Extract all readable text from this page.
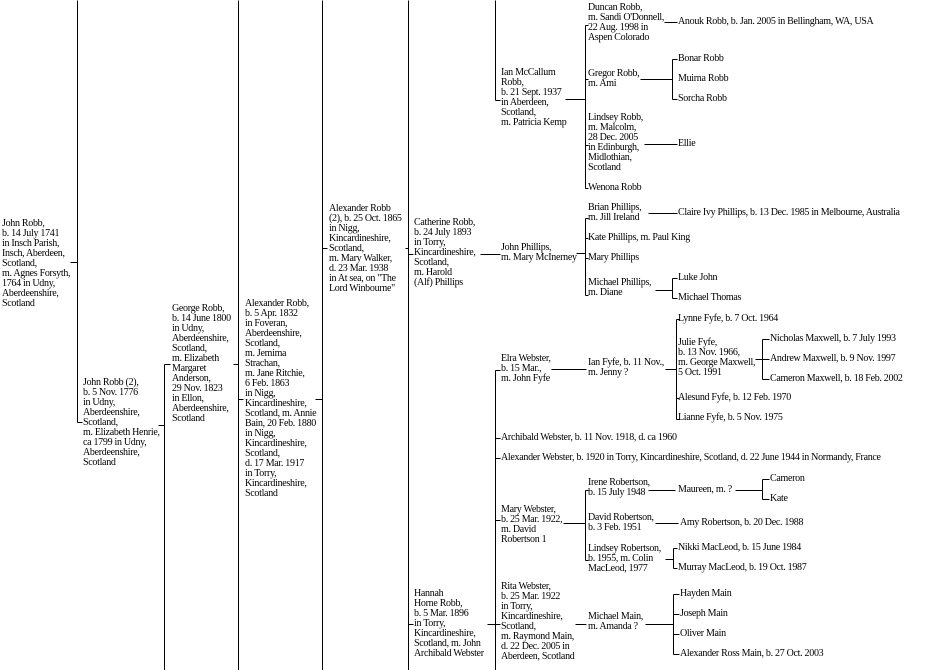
John Robb,
b. 14 July 1741
in Insch Parish,
Insch, Aberdeen,
Scotland,
m. Agnes Forsyth,
1764 in Udny,
Aberdeenshire,
Scotland
John Robb (2),
b. 5 Nov. 1776
in Udny,
Aberdeenshire,
Scotland,
m. Elizabeth Henrie,
ca 1799 in Udny,
Aberdeenshire,
Scotland
George Robb,
b. 14 June 1800
in Udny,
Aberdeenshire,
Scotland,
m. Elizabeth
Margaret
Anderson,
29 Nov. 1823
in Ellon,
Aberdeenshire,
Scotland
Alexander Robb,
b. 5 Apr. 1832
in Foveran,
Aberdeenshire,
Scotland,
m. Jemima
Strachan,
m. Jane Ritchie,
6 Feb. 1863
in Nigg,
Kincardineshire,
Scotland, m. Annie
Bain, 20 Feb. 1880
in Nigg,
Kincardineshire,
Scotland,
d. 17 Mar. 1917
in Torry,
Kincardineshire,
Scotland
Alexander Robb
(2), b. 25 Oct. 1865
in Nigg,
Kincardineshire,
Scotland,
m. Mary Walker,
d. 23 Mar. 1938
in At sea, on "The
Lord Winbourne"
Catherine Robb,
b. 24 July 1893
in Torry,
Kincardineshire,
Scotland,
m. Harold
(Alf) Phillips
Ian McCallum
Robb,
b. 21 Sept. 1937
in Aberdeen,
Scotland,
m. Patricia Kemp
Duncan Robb,
m. Sandi O'Donnell,
22 Aug. 1998 in
Aspen Colorado
Anouk Robb, b. Jan. 2005 in Bellingham, WA, USA
Gregor Robb,
m. Ami
Bonar Robb
Muirna Robb
Sorcha Robb
Lindsey Robb,
m. Malcolm,
28 Dec. 2005
in Edinburgh,
Midlothian,
Scotland
Ellie
Wenona Robb
John Phillips,
m. Mary McInerney
Brian Phillips,
m. Jill Ireland	Claire Ivy Phillips, b. 13 Dec. 1985 in Melbourne, Australia
Kate Phillips, m. Paul King
Mary Phillips
Michael Phillips,
m. Diane
Luke John
Michael Thomas
Elra Webster,
b. 15 Mar.,
m. John Fyfe
Ian Fyfe, b. 11 Nov.,
m. Jenny ?
Lynne Fyfe, b. 7 Oct. 1964
Julie Fyfe,
b. 13 Nov. 1966,
m. George Maxwell,
5 Oct. 1991
Nicholas Maxwell, b. 7 July 1993
Andrew Maxwell, b. 9 Nov. 1997
Cameron Maxwell, b. 18 Feb. 2002
Alesund Fyfe, b. 12 Feb. 1970
Lianne Fyfe, b. 5 Nov. 1975
Archibald Webster, b. 11 Nov. 1918, d. ca 1960
Alexander Webster, b. 1920 in Torry, Kincardineshire, Scotland, d. 22 June 1944 in Normandy, France
Mary Webster,
b. 25 Mar. 1922,
m. David
Robertson 1
Irene Robertson,
b. 15 July 1948	Maureen, m. ?
Cameron
Kate
David Robertson,
b. 3 Feb. 1951	Amy Robertson, b. 20 Dec. 1988
Lindsey Robertson,
b. 1955, m. Colin
MacLeod, 1977
Nikki MacLeod, b. 15 June 1984
Murray MacLeod, b. 19 Oct. 1987
Hannah
Horne Robb,
b. 5 Mar. 1896
in Torry,
Kincardineshire,
Scotland, m. John
Archibald Webster
Rita Webster,
b. 25 Mar. 1922
in Torry,
Kincardineshire,
Scotland,
m. Raymond Main,
d. 22 Dec. 2005 in
Aberdeen, Scotland
Michael Main,
m. Amanda ?
Hayden Main
Joseph Main
Oliver Main
Alexander Ross Main, b. 27 Oct. 2003
